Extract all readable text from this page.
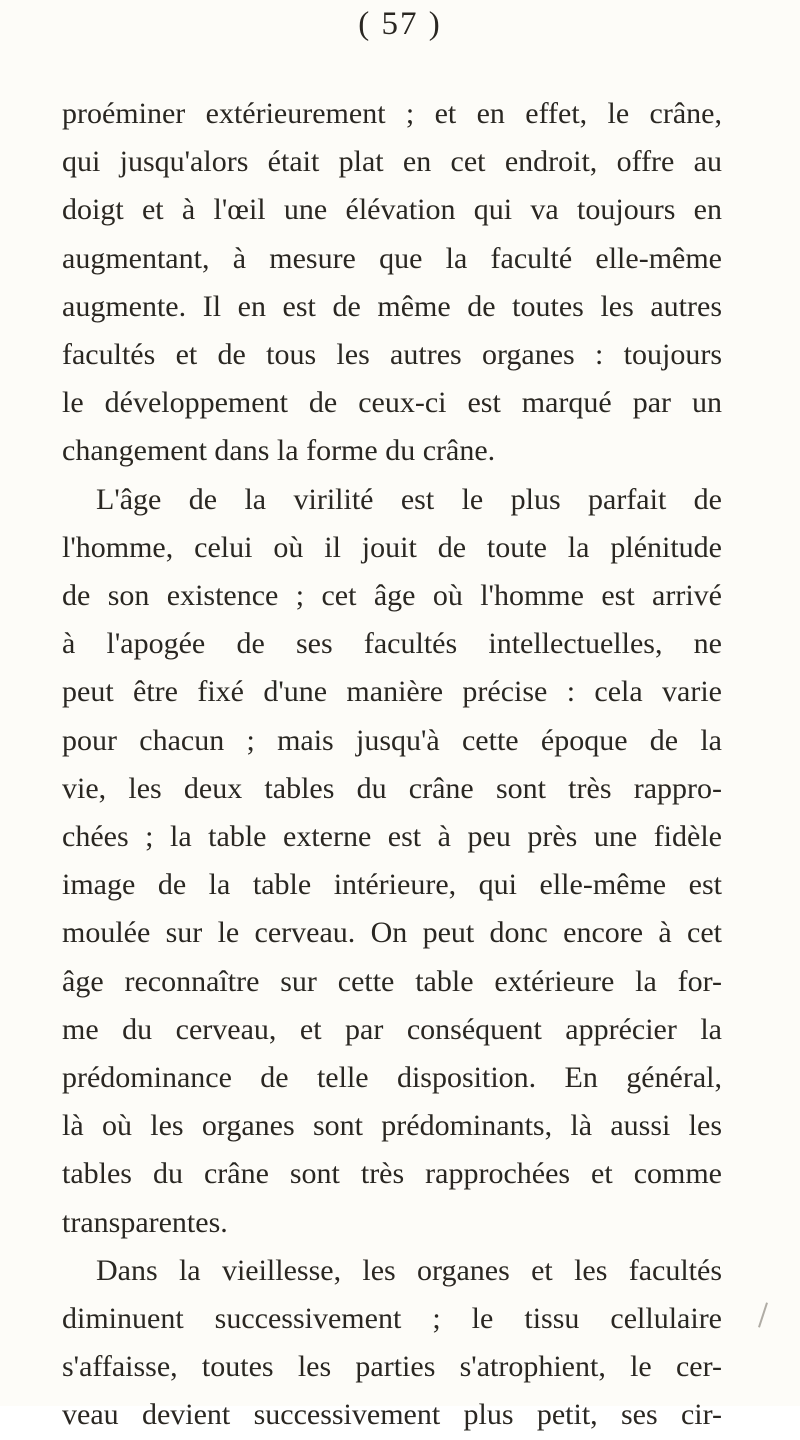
( 57 )
proéminer extérieurement ; et en effet, le crâne,
qui jusqu'alors était plat en cet endroit, offre au
doigt et à l'œil une élévation qui va toujours en
augmentant, à mesure que la faculté elle-même
augmente. Il en est de même de toutes les autres
facultés et de tous les autres organes : toujours
le développement de ceux-ci est marqué par un
changement dans la forme du crâne.
L'âge de la virilité est le plus parfait de
l'homme, celui où il jouit de toute la plénitude
de son existence ; cet âge où l'homme est arrivé
à l'apogée de ses facultés intellectuelles, ne
peut être fixé d'une manière précise : cela varie
pour chacun ; mais jusqu'à cette époque de la
vie, les deux tables du crâne sont très rappro-
chées ; la table externe est à peu près une fidèle
image de la table intérieure, qui elle-même est
moulée sur le cerveau. On peut donc encore à cet
âge reconnaître sur cette table extérieure la for-
me du cerveau, et par conséquent apprécier la
prédominance de telle disposition. En général,
là où les organes sont prédominants, là aussi les
tables du crâne sont très rapprochées et comme
transparentes.
Dans la vieillesse, les organes et les facultés
diminuent successivement ; le tissu cellulaire
s'affaisse, toutes les parties s'atrophient, le cer-
veau devient successivement plus petit, ses cir-
